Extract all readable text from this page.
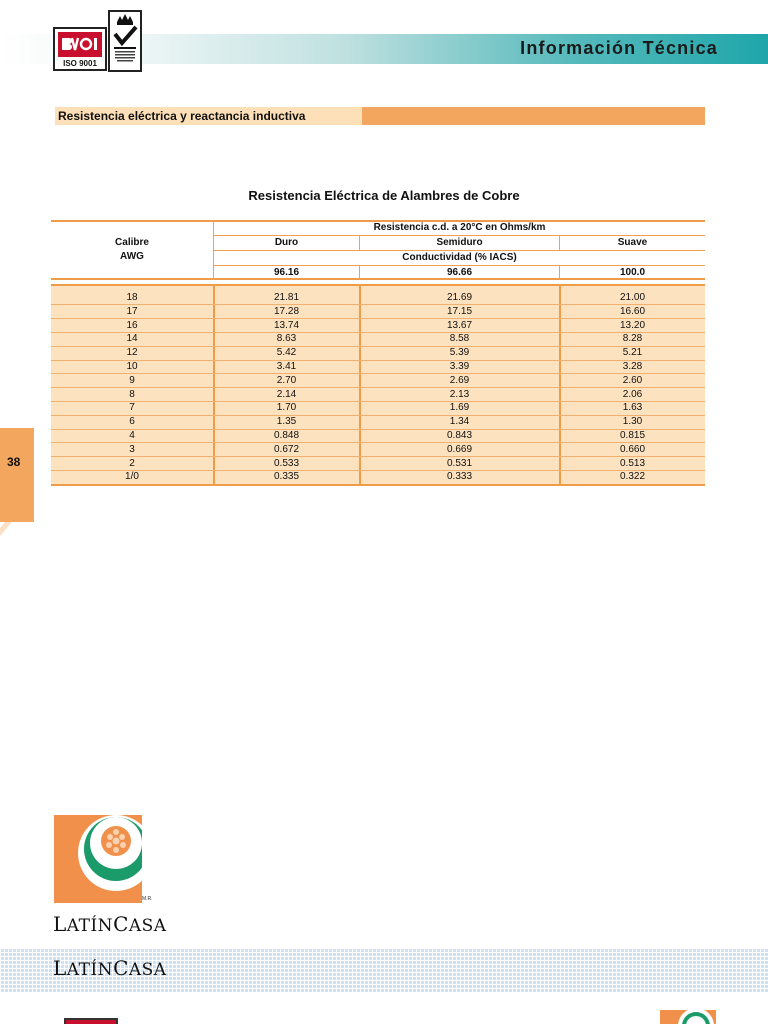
Información Técnica
ISO 9001
Resistencia eléctrica y reactancia inductiva
Resistencia Eléctrica de Alambres de Cobre
Calibre
AWG
Resistencia c.d. a 20°C en Ohms/km
Duro	Semiduro	Suave
Conductividad (% IACS)
96.16	96.66	100.0
18	21.81	21.69	21.00
17	17.28	17.15	16.60
16	13.74	13.67	13.20
14	8.63	8.58	8.28
12	5.42	5.39	5.21
10	3.41	3.39	3.28
9	2.70	2.69	2.60
8	2.14	2.13	2.06
7	1.70	1.69	1.63
6	1.35	1.34	1.30
4	0.848	0.843	0.815
3	0.672	0.669	0.660
2	0.533	0.531	0.513
1/0	0.335	0.333	0.322
38
M.R.
LATÍNCASA
LATÍNCASA
